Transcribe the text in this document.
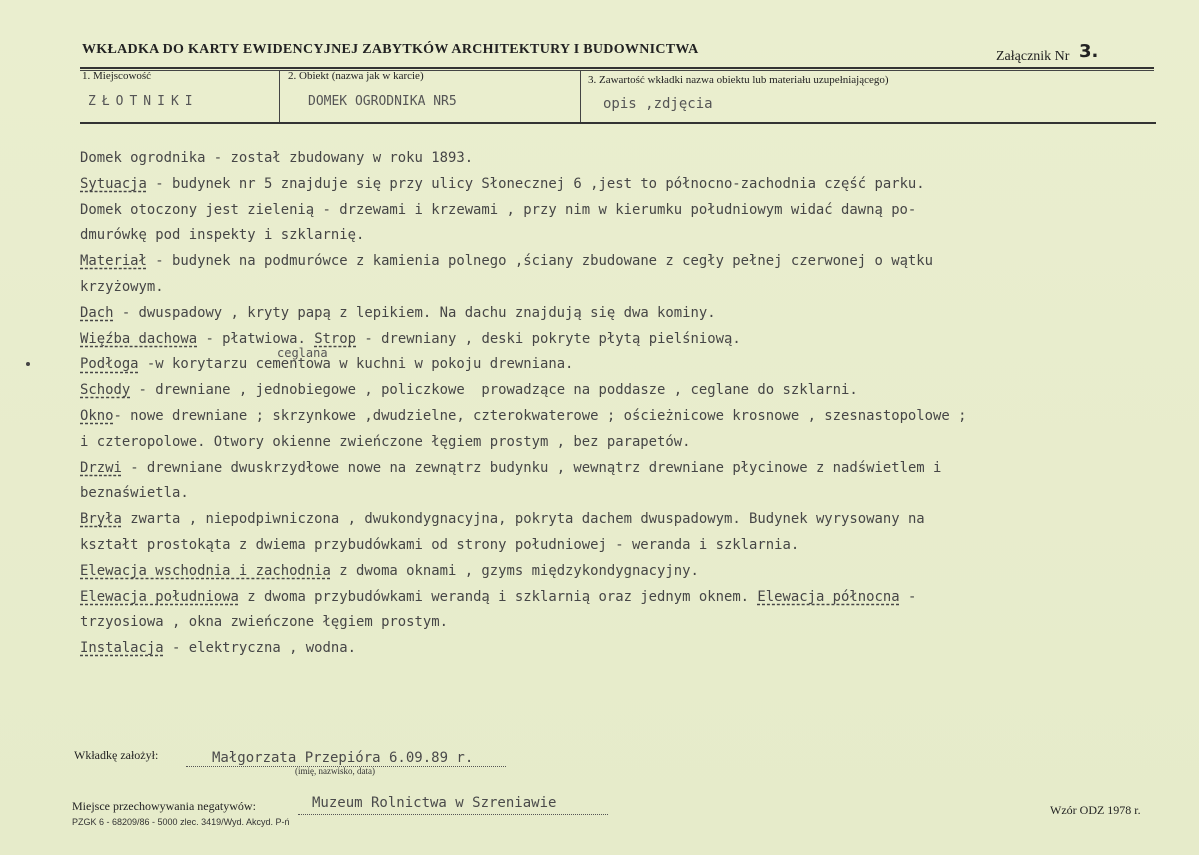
WKŁADKA DO KARTY EWIDENCYJNEJ ZABYTKÓW ARCHITEKTURY I BUDOWNICTWA	Załącznik Nr 3.
1. Miejscowość	2. Obiekt (nazwa jak w karcie)	3. Zawartość wkładki nazwa obiektu lub materiału uzupełniającego)
ZŁOTNIKI	DOMEK OGRODNIKA NR5	opis ,zdjęcia
ceglana
Domek ogrodnika - został zbudowany w roku 1893.
Sytuacja - budynek nr 5 znajduje się przy ulicy Słonecznej 6 ,jest to północno-zachodnia część parku.
Domek otoczony jest zielenią - drzewami i krzewami , przy nim w kierumku południowym widać dawną po-
dmurówkę pod inspekty i szklarnię.
Materiał - budynek na podmurówce z kamienia polnego ,ściany zbudowane z cegły pełnej czerwonej o wątku
krzyżowym.
Dach - dwuspadowy , kryty papą z lepikiem. Na dachu znajdują się dwa kominy.
Więźba dachowa - płatwiowa. Strop - drewniany , deski pokryte płytą pielśniową.
Podłoga -w korytarzu cementowa w kuchni w pokoju drewniana.
Schody - drewniane , jednobiegowe , policzkowe  prowadzące na poddasze , ceglane do szklarni.
Okno- nowe drewniane ; skrzynkowe ,dwudzielne, czterokwaterowe ; ościeżnicowe krosnowe , szesnastopolowe ;
i czteropolowe. Otwory okienne zwieńczone łęgiem prostym , bez parapetów.
Drzwi - drewniane dwuskrzydłowe nowe na zewnątrz budynku , wewnątrz drewniane płycinowe z nadświetlem i
beznaświetla.
Bryła zwarta , niepodpiwniczona , dwukondygnacyjna, pokryta dachem dwuspadowym. Budynek wyrysowany na
kształt prostokąta z dwiema przybudówkami od strony południowej - weranda i szklarnia.
Elewacja wschodnia i zachodnia z dwoma oknami , gzyms międzykondygnacyjny.
Elewacja południowa z dwoma przybudówkami werandą i szklarnią oraz jednym oknem. Elewacja północna -
trzyosiowa , okna zwieńczone łęgiem prostym.
Instalacja - elektryczna , wodna.
Wkładkę założył:	Małgorzata Przepióra 6.09.89 r.
(imię, nazwisko, data)
Miejsce przechowywania negatywów:	Muzeum Rolnictwa w Szreniawie
PZGK 6 - 68209/86 - 5000 zlec. 3419/Wyd. Akcyd. P-ń
Wzór ODZ 1978 r.
